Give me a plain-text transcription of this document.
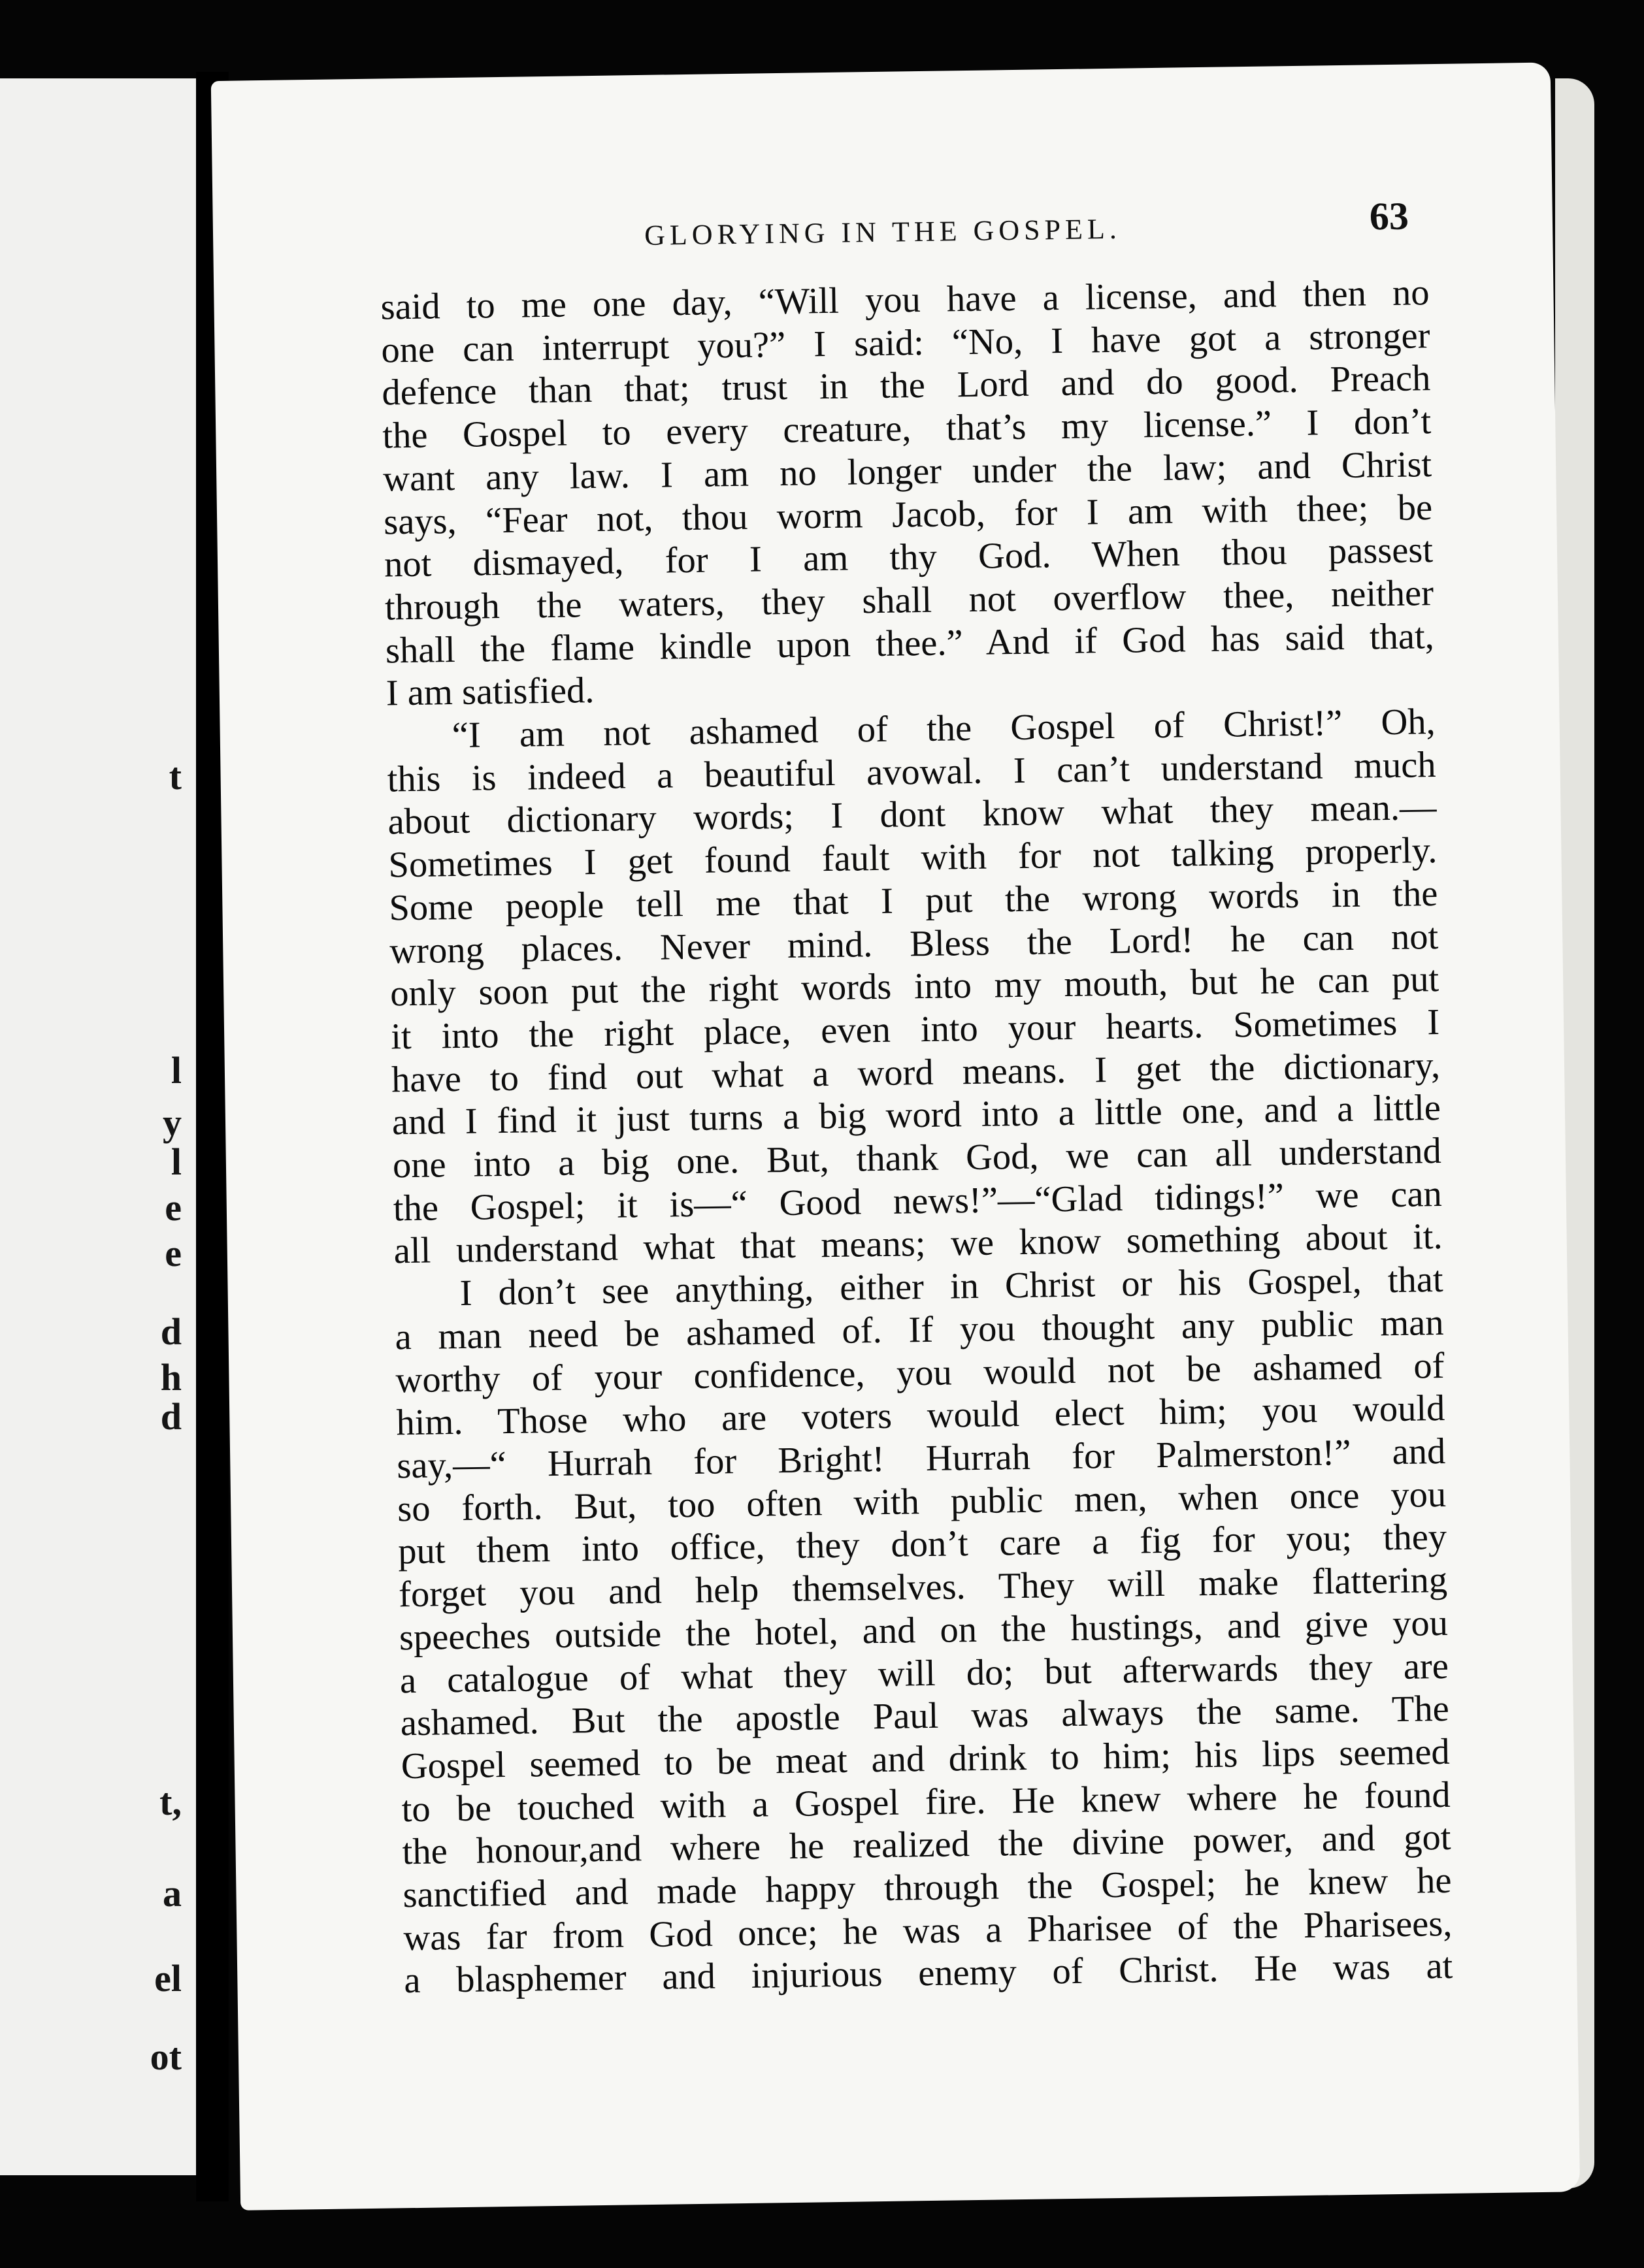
t
l
y
l
e
e
d
h
d
t,
a
el
ot
GLORYING IN THE GOSPEL.	63
said to me one day, “Will you have a license, and then no
one can interrupt you?” I said: “No, I have got a stronger
defence than that; trust in the Lord and do good. Preach
the Gospel to every creature, that’s my license.” I don’t
want any law. I am no longer under the law; and Christ
says, “Fear not, thou worm Jacob, for I am with thee; be
not dismayed, for I am thy God. When thou passest
through the waters, they shall not overflow thee, neither
shall the flame kindle upon thee.” And if God has said that,
I am satisfied.
“I am not ashamed of the Gospel of Christ!” Oh,
this is indeed a beautiful avowal. I can’t understand much
about dictionary words; I dont know what they mean.—
Sometimes I get found fault with for not talking properly.
Some people tell me that I put the wrong words in the
wrong places. Never mind. Bless the Lord! he can not
only soon put the right words into my mouth, but he can put
it into the right place, even into your hearts. Sometimes I
have to find out what a word means. I get the dictionary,
and I find it just turns a big word into a little one, and a little
one into a big one. But, thank God, we can all understand
the Gospel; it is—“ Good news!”—“Glad tidings!” we can
all understand what that means; we know something about it.
I don’t see anything, either in Christ or his Gospel, that
a man need be ashamed of. If you thought any public man
worthy of your confidence, you would not be ashamed of
him. Those who are voters would elect him; you would
say,—“ Hurrah for Bright! Hurrah for Palmerston!” and
so forth. But, too often with public men, when once you
put them into office, they don’t care a fig for you; they
forget you and help themselves. They will make flattering
speeches outside the hotel, and on the hustings, and give you
a catalogue of what they will do; but afterwards they are
ashamed. But the apostle Paul was always the same. The
Gospel seemed to be meat and drink to him; his lips seemed
to be touched with a Gospel fire. He knew where he found
the honour,and where he realized the divine power, and got
sanctified and made happy through the Gospel; he knew he
was far from God once; he was a Pharisee of the Pharisees,
a blasphemer and injurious enemy of Christ. He was at
